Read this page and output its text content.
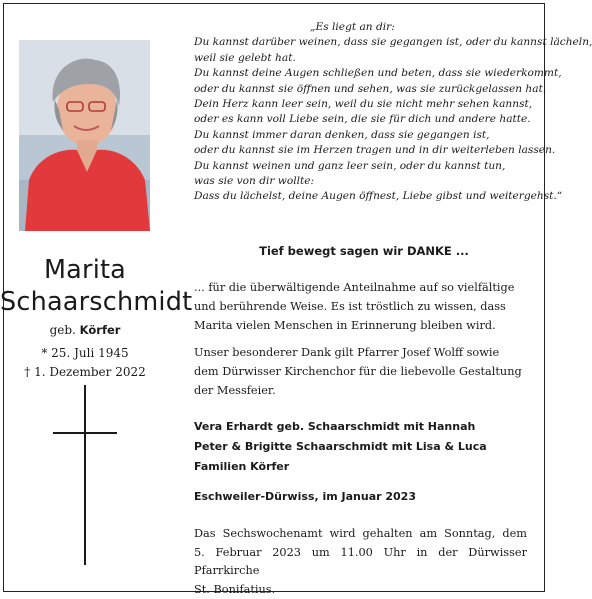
Marita
Schaarschmidt
geb. Körfer
* 25. Juli 1945
† 1. Dezember 2022
„Es liegt an dir:
Du kannst darüber weinen, dass sie gegangen ist, oder du kannst lächeln,
weil sie gelebt hat.
Du kannst deine Augen schließen und beten, dass sie wiederkommt,
oder du kannst sie öffnen und sehen, was sie zurückgelassen hat.
Dein Herz kann leer sein, weil du sie nicht mehr sehen kannst,
oder es kann voll Liebe sein, die sie für dich und andere hatte.
Du kannst immer daran denken, dass sie gegangen ist,
oder du kannst sie im Herzen tragen und in dir weiterleben lassen.
Du kannst weinen und ganz leer sein, oder du kannst tun,
was sie von dir wollte:
Dass du lächelst, deine Augen öffnest, Liebe gibst und weitergehst.“
Tief bewegt sagen wir DANKE ...
... für die überwältigende Anteilnahme auf so vielfältige
und berührende Weise. Es ist tröstlich zu wissen, dass
Marita vielen Menschen in Erinnerung bleiben wird.
Unser besonderer Dank gilt Pfarrer Josef Wolff sowie
dem Dürwisser Kirchenchor für die liebevolle Gestaltung
der Messfeier.
Vera Erhardt geb. Schaarschmidt mit Hannah
Peter & Brigitte Schaarschmidt mit Lisa & Luca
Familien Körfer
Eschweiler-Dürwiss, im Januar 2023
Das Sechswochenamt wird gehalten am Sonntag, dem
5. Februar 2023 um 11.00 Uhr in der Dürwisser Pfarrkirche
St. Bonifatius.
